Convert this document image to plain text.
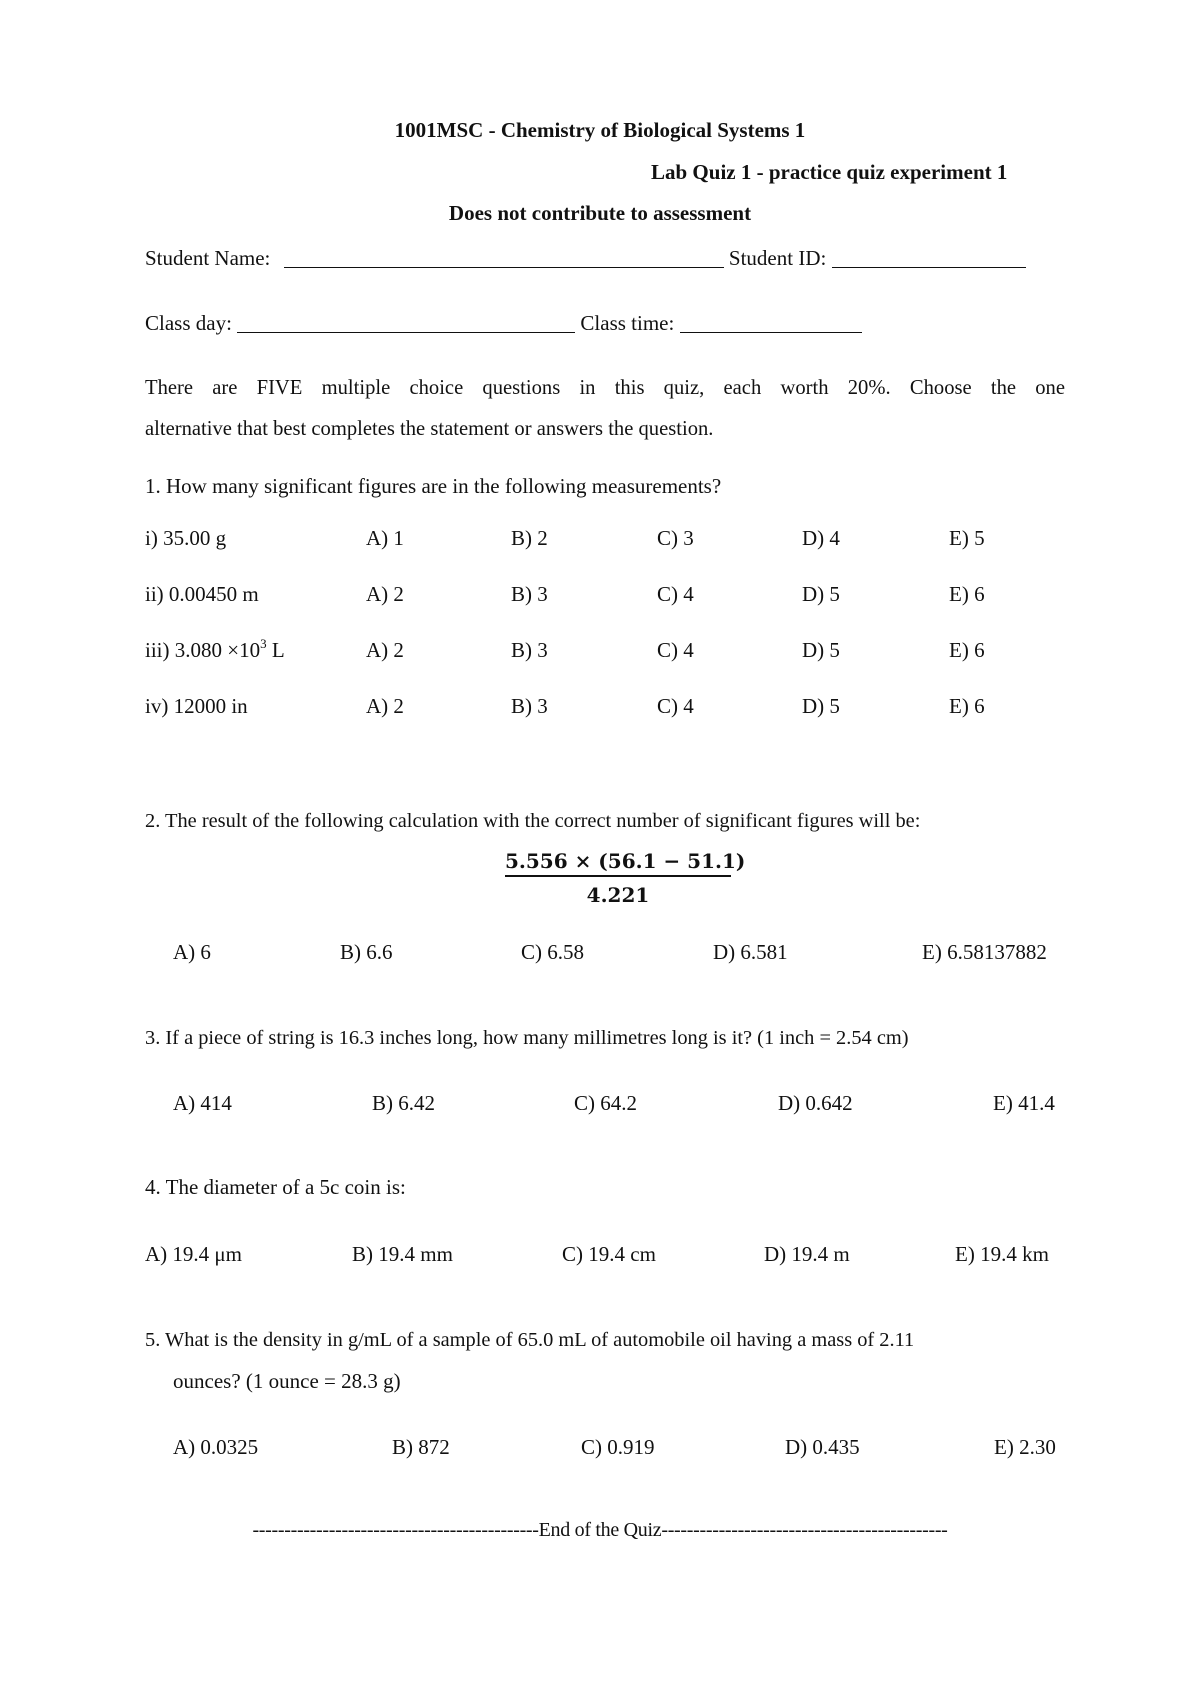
1001MSC - Chemistry of Biological Systems 1
Lab Quiz 1 - practice quiz experiment 1
Does not contribute to assessment
Student Name:	Student ID:
Class day:	Class time:
There are FIVE multiple choice questions in this quiz, each worth 20%. Choose the one
alternative that best completes the statement or answers the question.
1. How many significant figures are in the following measurements?
i) 35.00 g	A) 1	B) 2	C) 3	D) 4	E) 5
ii) 0.00450 m	A) 2	B) 3	C) 4	D) 5	E) 6
iii) $3.080 \times 10^3$ L	A) 2	B) 3	C) 4	D) 5	E) 6
iv) 12000 in	A) 2	B) 3	C) 4	D) 5	E) 6
2. The result of the following calculation with the correct number of significant figures will be:
5.556 × (56.1 − 51.1)
4.221
A) 6	B) 6.6	C) 6.58	D) 6.581	E) 6.58137882
3. If a piece of string is 16.3 inches long, how many millimetres long is it? (1 inch = 2.54 cm)
A) 414	B) 6.42	C) 64.2	D) 0.642	E) 41.4
4. The diameter of a 5c coin is:
A) 19.4 μm	B) 19.4 mm	C) 19.4 cm	D) 19.4 m	E) 19.4 km
5. What is the density in g/mL of a sample of 65.0 mL of automobile oil having a mass of 2.11
ounces? (1 ounce = 28.3 g)
A) 0.0325	B) 872	C) 0.919	D) 0.435	E) 2.30
---------------------------------------------End of the Quiz---------------------------------------------
